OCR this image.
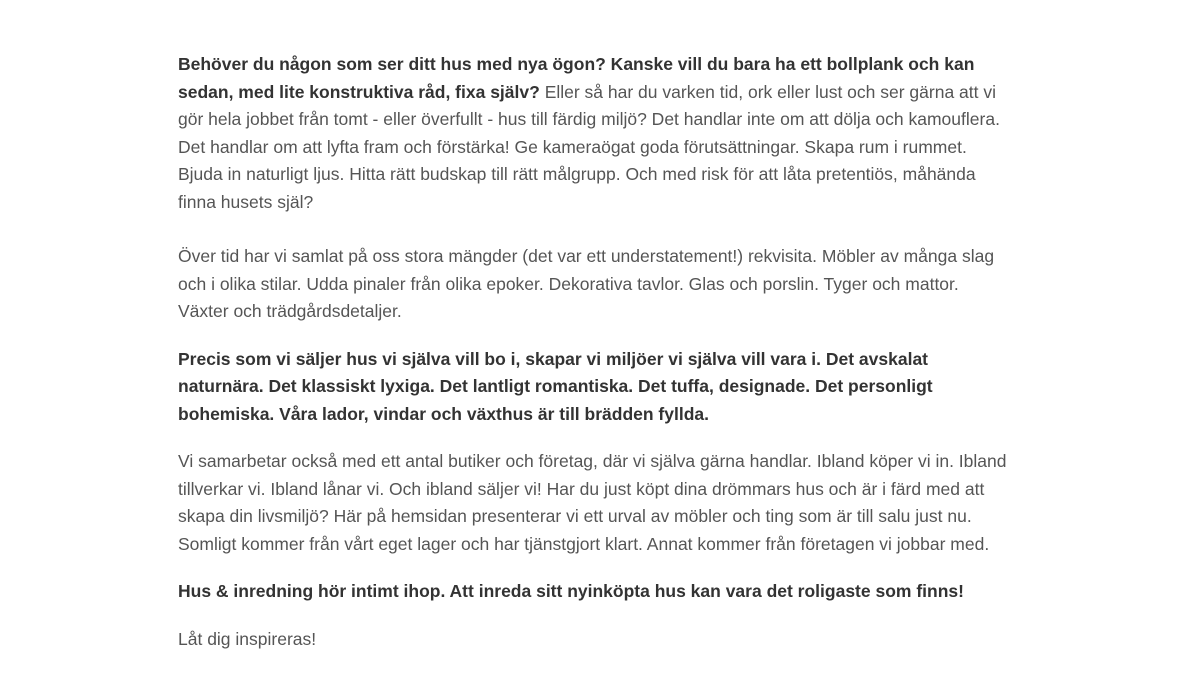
Behöver du någon som ser ditt hus med nya ögon? Kanske vill du bara ha ett bollplank och kan sedan, med lite konstruktiva råd, fixa själv? Eller så har du varken tid, ork eller lust och ser gärna att vi gör hela jobbet från tomt - eller överfullt - hus till färdig miljö? Det handlar inte om att dölja och kamouflera. Det handlar om att lyfta fram och förstärka! Ge kameraögat goda förutsättningar. Skapa rum i rummet. Bjuda in naturligt ljus. Hitta rätt budskap till rätt målgrupp. Och med risk för att låta pretentiös, måhända finna husets själ?

Över tid har vi samlat på oss stora mängder (det var ett understatement!) rekvisita. Möbler av många slag och i olika stilar. Udda pinaler från olika epoker. Dekorativa tavlor. Glas och porslin. Tyger och mattor. Växter och trädgårdsdetaljer.

Precis som vi säljer hus vi själva vill bo i, skapar vi miljöer vi själva vill vara i. Det avskalat naturnära. Det klassiskt lyxiga. Det lantligt romantiska. Det tuffa, designade. Det personligt bohemiska. Våra lador, vindar och växthus är till brädden fyllda.

Vi samarbetar också med ett antal butiker och företag, där vi själva gärna handlar. Ibland köper vi in. Ibland tillverkar vi. Ibland lånar vi. Och ibland säljer vi! Har du just köpt dina drömmars hus och är i färd med att skapa din livsmiljö? Här på hemsidan presenterar vi ett urval av möbler och ting som är till salu just nu. Somligt kommer från vårt eget lager och har tjänstgjort klart. Annat kommer från företagen vi jobbar med.

Hus & inredning hör intimt ihop. Att inreda sitt nyinköpta hus kan vara det roligaste som finns!

Låt dig inspireras!
